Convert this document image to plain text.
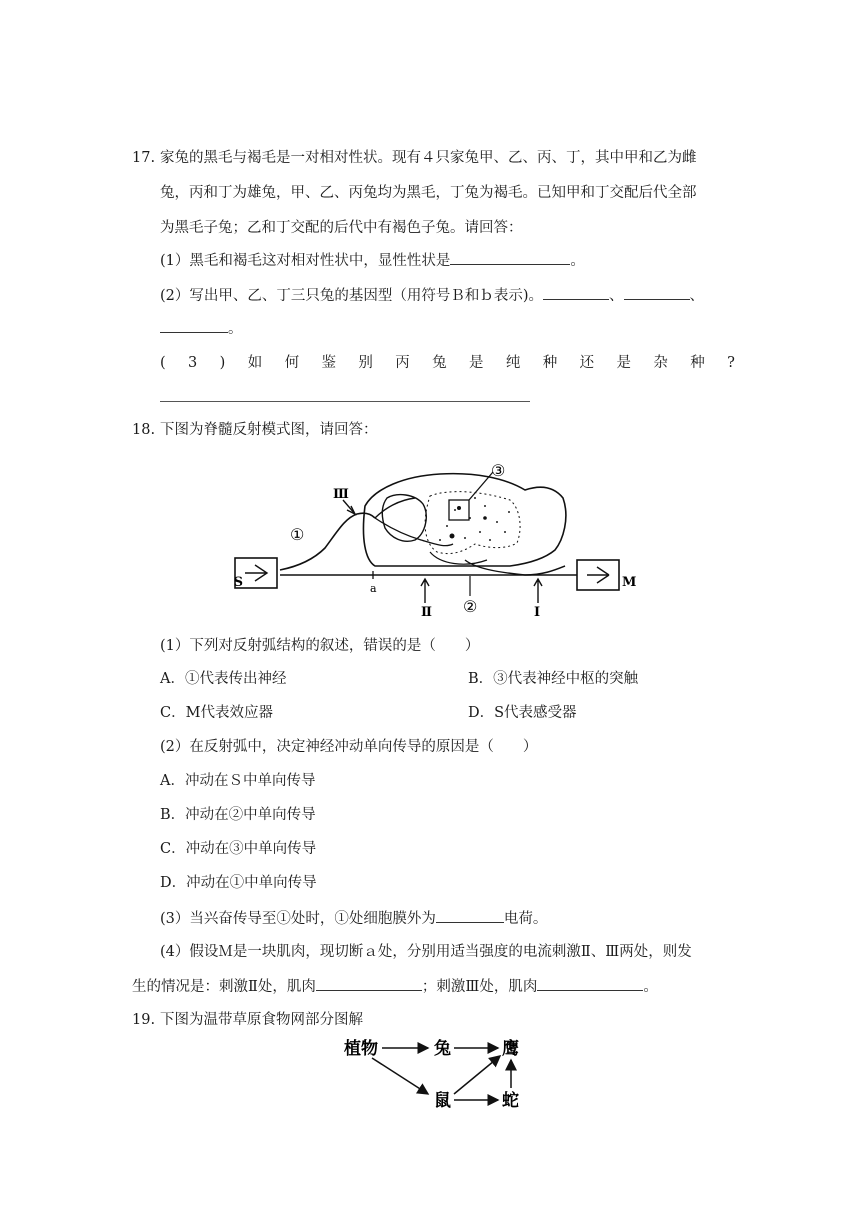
17. 家兔的黑毛与褐毛是一对相对性状。现有４只家兔甲、乙、丙、丁，其中甲和乙为雌
兔，丙和丁为雄兔，甲、乙、丙兔均为黑毛，丁兔为褐毛。已知甲和丁交配后代全部
为黑毛子兔；乙和丁交配的后代中有褐色子兔。请回答：
(1）黑毛和褐毛这对相对性状中，显性性状是	。
(2）写出甲、乙、丁三只兔的基因型（用符号Ｂ和ｂ表示)。	、	、
。
( 3 ) 如 何 鉴 别 丙 兔 是 纯 种 还 是 杂 种 ?
18. 下图为脊髓反射模式图，请回答：
S	M
a
①
②
③
Ⅲ
Ⅱ	Ⅰ
(1）下列对反射弧结构的叙述，错误的是（　　）
A．①代表传出神经	B．③代表神经中枢的突触
C．M代表效应器	D．S代表感受器
(2）在反射弧中，决定神经冲动单向传导的原因是（　　）
A．冲动在Ｓ中单向传导
B．冲动在②中单向传导
C．冲动在③中单向传导
D．冲动在①中单向传导
(3）当兴奋传导至①处时，①处细胞膜外为	电荷。
(4）假设Ｍ是一块肌肉，现切断ａ处，分别用适当强度的电流刺激Ⅱ、Ⅲ两处，则发
生的情况是：刺激Ⅱ处，肌肉	；刺激Ⅲ处，肌肉	。
19. 下图为温带草原食物网部分图解
植物	兔	鹰
鼠	蛇
